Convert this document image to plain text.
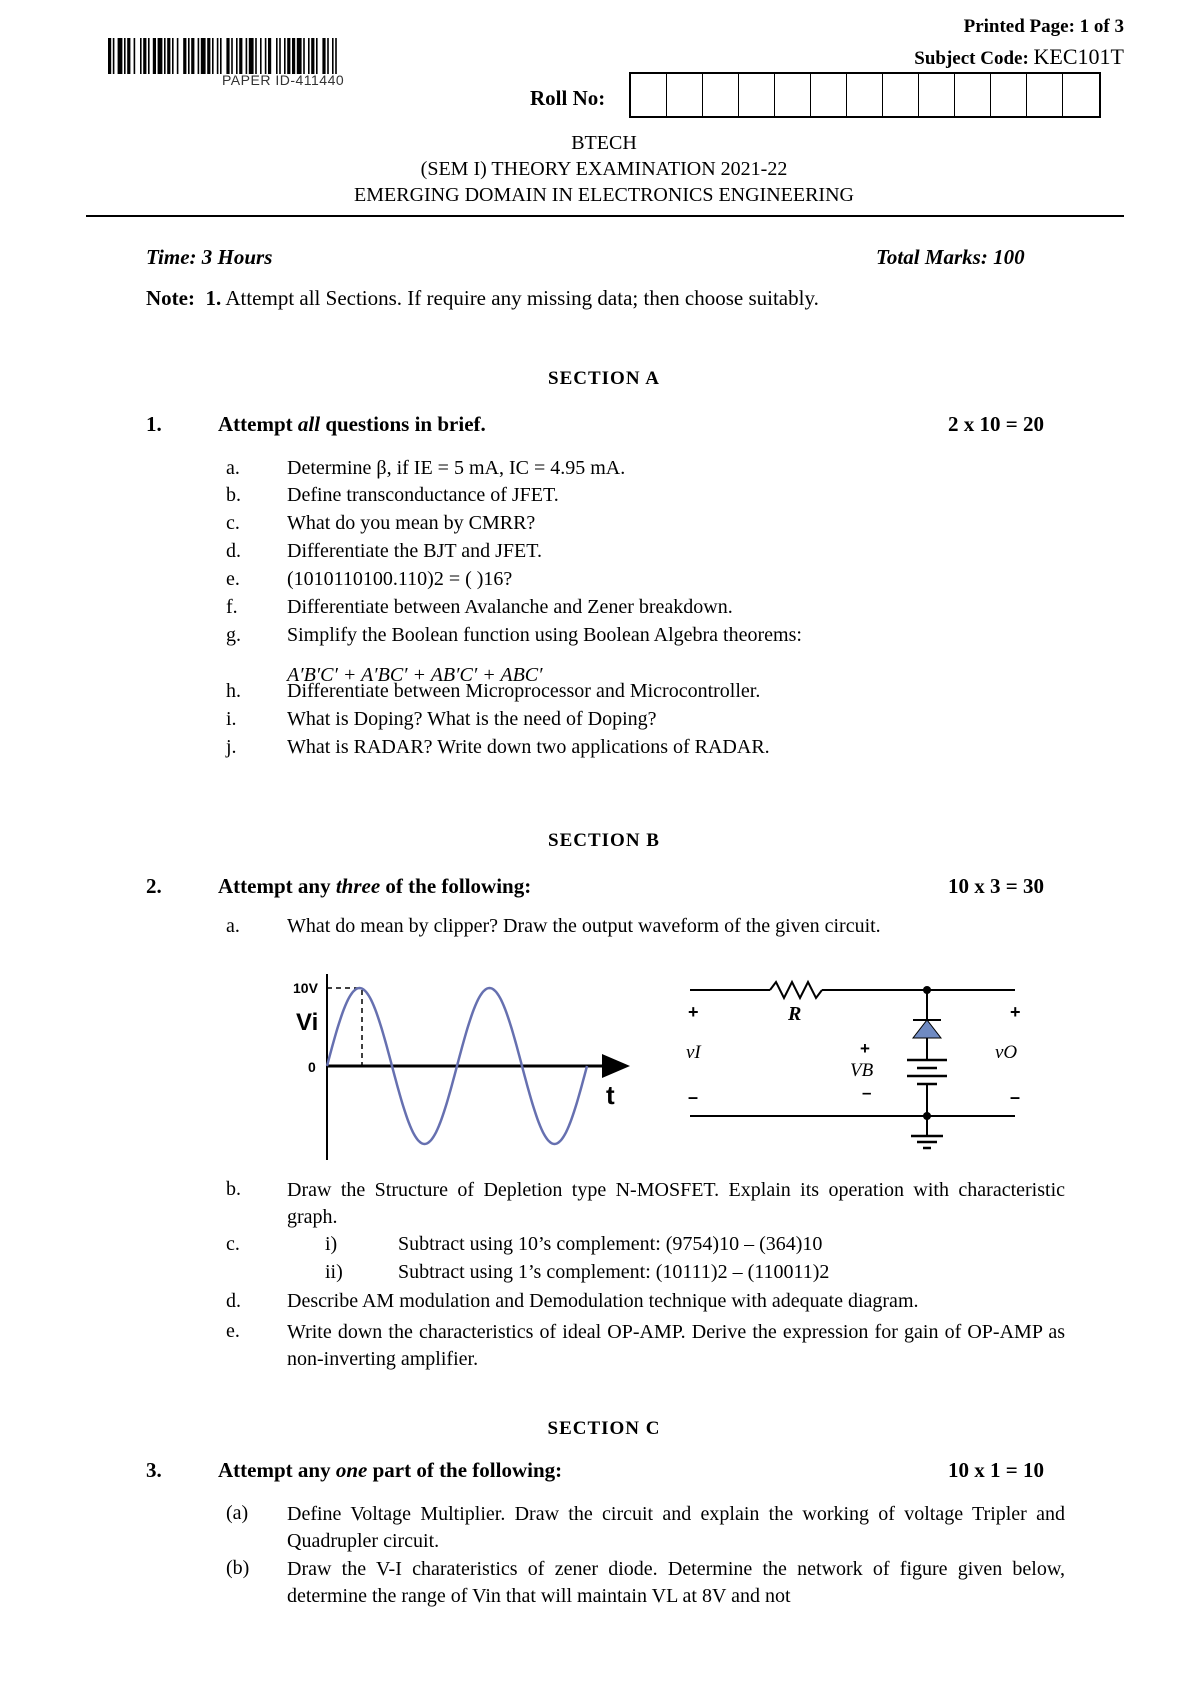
PAPER ID-411440
Printed Page: 1 of 3
Subject Code: KEC101T
Roll No:
BTECH
(SEM I) THEORY EXAMINATION 2021-22
EMERGING DOMAIN IN ELECTRONICS ENGINEERING
Time: 3 Hours	Total Marks: 100
Note: 1. Attempt all Sections. If require any missing data; then choose suitably.
SECTION A
1.	Attempt all questions in brief.	2 x 10 = 20
a. Determine β, if IE = 5 mA, IC = 4.95 mA.
b. Define transconductance of JFET.
c. What do you mean by CMRR?
d. Differentiate the BJT and JFET.
e. (1010110100.110)2 = ( )16?
f. Differentiate between Avalanche and Zener breakdown.
g. Simplify the Boolean function using Boolean Algebra theorems:
h. Differentiate between Microprocessor and Microcontroller.
i.	What is Doping? What is the need of Doping?
j.	What is RADAR? Write down two applications of RADAR.
A′B′C′ + A′BC′ + AB′C′ + ABC′
SECTION B
2.	Attempt any three of the following:	10 x 3 = 30
a. What do mean by clipper? Draw the output waveform of the given circuit.
10V
Vi
0
t
R
+
vI
–
+
VB
–
+
vO
–
b. Draw the Structure of Depletion type N-MOSFET. Explain its operation with characteristic graph.
c.	i)	Subtract using 10’s complement: (9754)10 – (364)10
ii)	Subtract using 1’s complement: (10111)2 – (110011)2
d. Describe AM modulation and Demodulation technique with adequate diagram.
e. Write down the characteristics of ideal OP-AMP. Derive the expression for gain of OP-AMP as non-inverting amplifier.
SECTION C
3.	Attempt any one part of the following:	10 x 1 = 10
(a) Define Voltage Multiplier. Draw the circuit and explain the working of voltage Tripler and Quadrupler circuit.
(b) Draw the V-I charateristics of zener diode. Determine the network of figure given below, determine the range of Vin that will maintain VL at 8V and not
